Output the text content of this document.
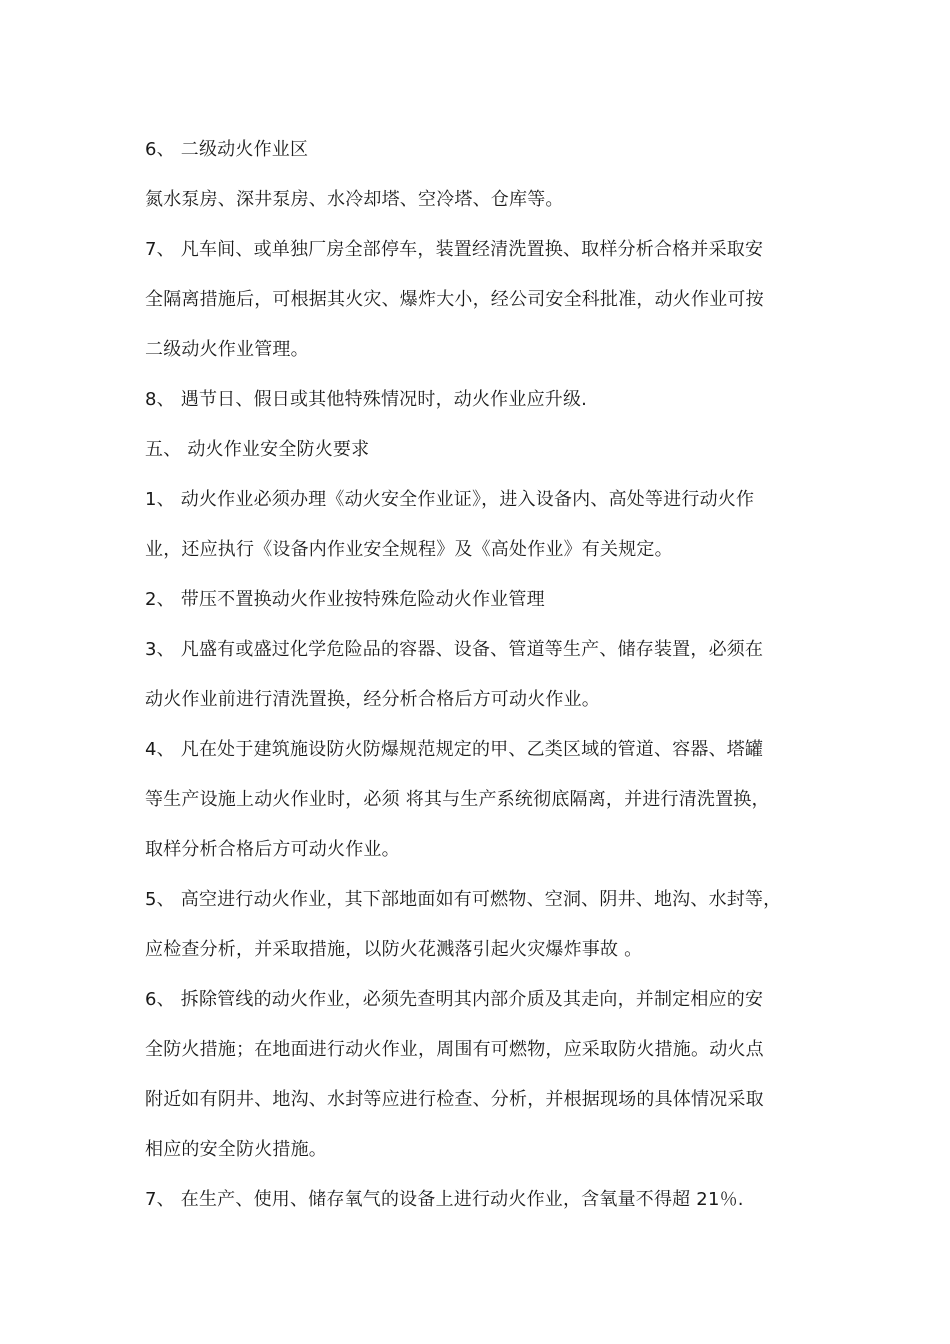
6、 二级动火作业区
氮水泵房、深井泵房、水冷却塔、空冷塔、仓库等。
7、 凡车间、或单独厂房全部停车，装置经清洗置换、取样分析合格并采取安
全隔离措施后，可根据其火灾、爆炸大小，经公司安全科批准，动火作业可按
二级动火作业管理。
8、 遇节日、假日或其他特殊情况时，动火作业应升级.
五、 动火作业安全防火要求
1、 动火作业必须办理《动火安全作业证》，进入设备内、高处等进行动火作
业，还应执行《设备内作业安全规程》及《高处作业》有关规定。
2、 带压不置换动火作业按特殊危险动火作业管理
3、 凡盛有或盛过化学危险品的容器、设备、管道等生产、储存装置，必须在
动火作业前进行清洗置换，经分析合格后方可动火作业。
4、 凡在处于建筑施设防火防爆规范规定的甲、乙类区域的管道、容器、塔罐
等生产设施上动火作业时，必须 将其与生产系统彻底隔离，并进行清洗置换，
取样分析合格后方可动火作业。
5、 高空进行动火作业，其下部地面如有可燃物、空洞、阴井、地沟、水封等，
应检查分析，并采取措施，以防火花溅落引起火灾爆炸事故 。
6、 拆除管线的动火作业，必须先查明其内部介质及其走向，并制定相应的安
全防火措施；在地面进行动火作业，周围有可燃物，应采取防火措施。动火点
附近如有阴井、地沟、水封等应进行检查、分析，并根据现场的具体情况采取
相应的安全防火措施。
7、 在生产、使用、储存氧气的设备上进行动火作业，含氧量不得超 21％.
